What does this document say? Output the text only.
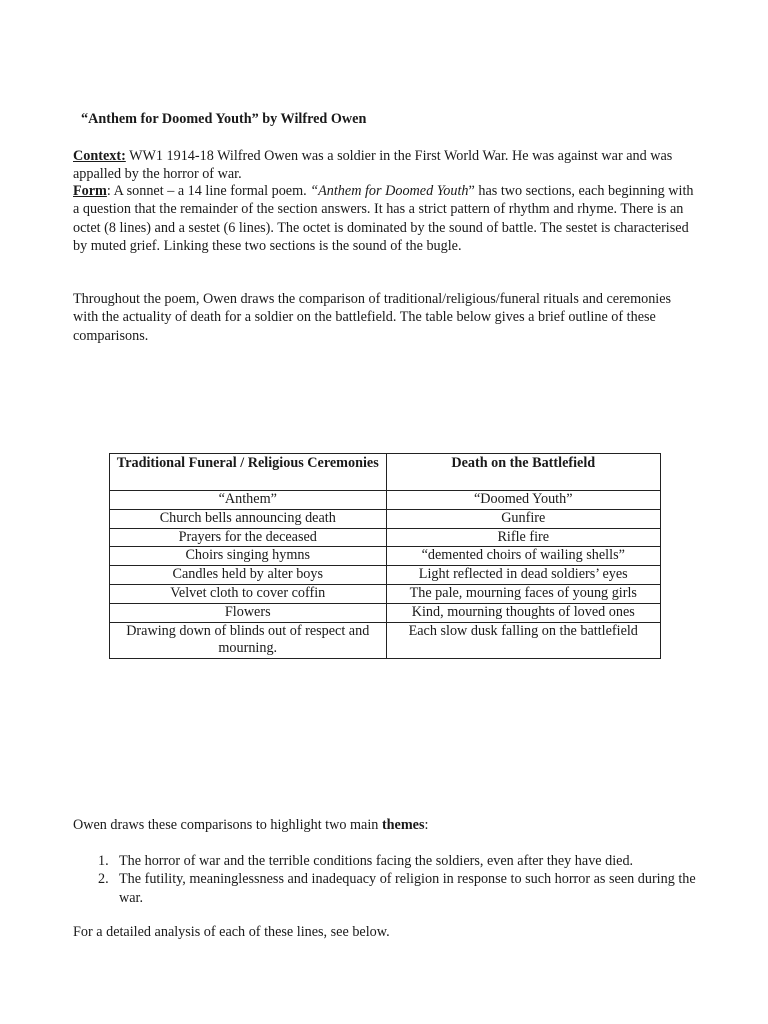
“Anthem for Doomed Youth” by Wilfred Owen
Context: WW1 1914-18 Wilfred Owen was a soldier in the First World War. He was against war and was appalled by the horror of war.
Form: A sonnet – a 14 line formal poem. “Anthem for Doomed Youth” has two sections, each beginning with a question that the remainder of the section answers. It has a strict pattern of rhythm and rhyme. There is an octet (8 lines) and a sestet (6 lines). The octet is dominated by the sound of battle. The sestet is characterised by muted grief. Linking these two sections is the sound of the bugle.
Throughout the poem, Owen draws the comparison of traditional/religious/funeral rituals and ceremonies with the actuality of death for a soldier on the battlefield. The table below gives a brief outline of these comparisons.
Traditional Funeral / Religious Ceremonies	Death on the Battlefield
“Anthem”	“Doomed Youth”
Church bells announcing death	Gunfire
Prayers for the deceased	Rifle fire
Choirs singing hymns	“demented choirs of wailing shells”
Candles held by alter boys	Light reflected in dead soldiers’ eyes
Velvet cloth to cover coffin	The pale, mourning faces of young girls
Flowers	Kind, mourning thoughts of loved ones
Drawing down of blinds out of respect and mourning.	Each slow dusk falling on the battlefield
Owen draws these comparisons to highlight two main themes:
1. The horror of war and the terrible conditions facing the soldiers, even after they have died.
2. The futility, meaninglessness and inadequacy of religion in response to such horror as seen during the war.
For a detailed analysis of each of these lines, see below.
